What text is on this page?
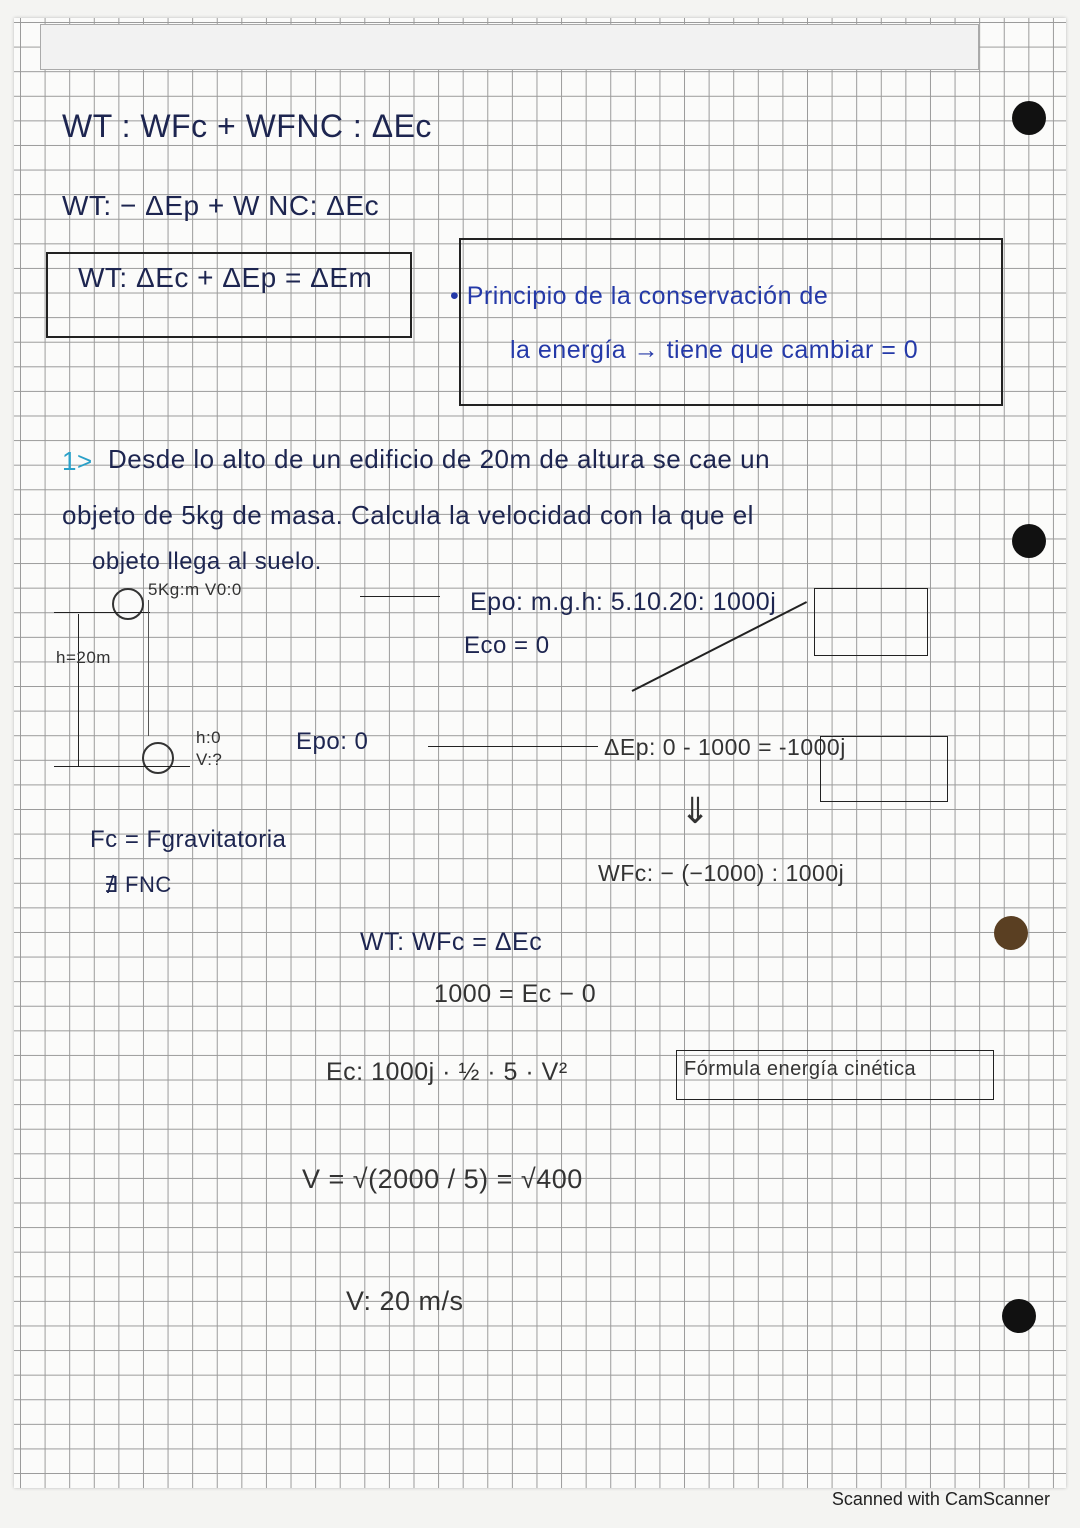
WT : WFc + WFNC : ΔEc
WT: − ΔEp + W NC: ΔEc
WT: ΔEc + ΔEp = ΔEm
• Principio de la conservación de
la energía → tiene que cambiar = 0
1> Desde lo alto de un edificio de 20m de altura se cae un
objeto de 5kg de masa. Calcula la velocidad con la que el
objeto llega al suelo.
5Kg:m V0:0
h=20m
h:0
V:?
Epo: m.g.h: 5.10.20: 1000j
Eco = 0
Epo: 0	ΔEp: 0 - 1000 = -1000j
⇓
Fc = Fgravitatoria
∄ FNC	WFc: − (−1000) : 1000j
WT: WFc = ΔEc
1000 = Ec − 0
Ec: 1000j · ½ · 5 · V²	Fórmula energía cinética
V = √(2000 / 5) = √400
V: 20 m/s
Scanned with CamScanner
